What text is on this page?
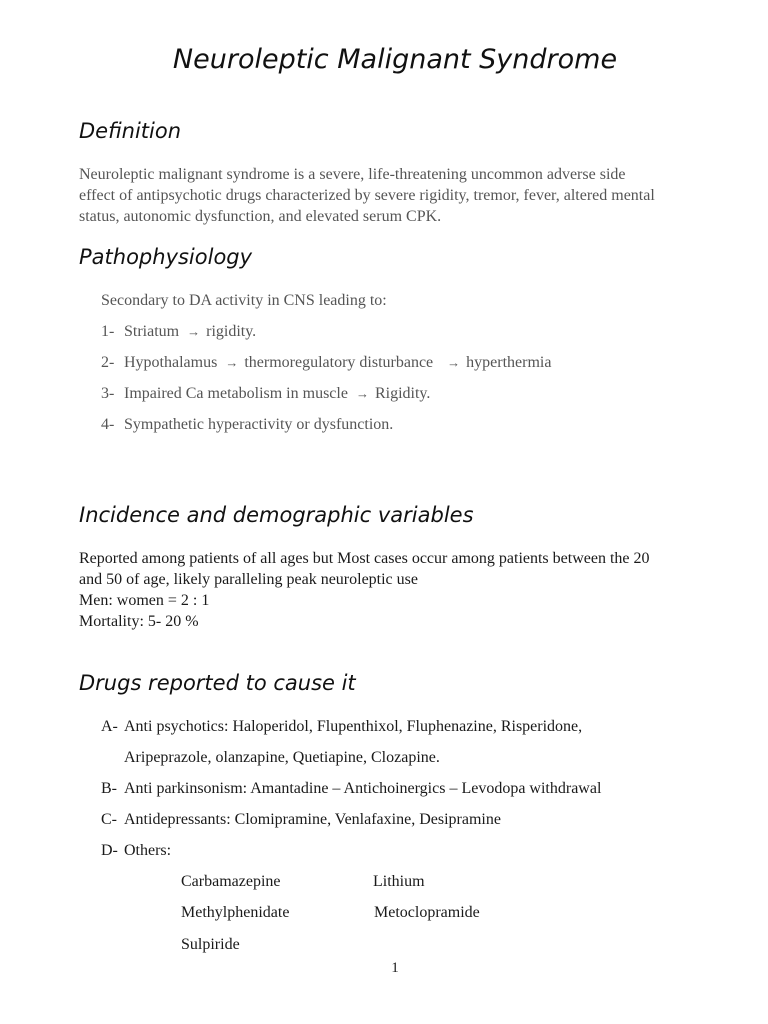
Neuroleptic Malignant Syndrome
Definition
Neuroleptic malignant syndrome is a severe, life-threatening uncommon adverse side
effect of antipsychotic drugs characterized by severe rigidity, tremor, fever, altered mental
status, autonomic dysfunction, and elevated serum CPK.
Pathophysiology
Secondary to DA activity in CNS leading to:
1- Striatum → rigidity.
2- Hypothalamus → thermoregulatory disturbance → hyperthermia
3- Impaired Ca metabolism in muscle → Rigidity.
4- Sympathetic hyperactivity or dysfunction.
Incidence and demographic variables
Reported among patients of all ages but Most cases occur among patients between the 20
and 50 of age, likely paralleling peak neuroleptic use
Men: women = 2 : 1
Mortality: 5- 20 %
Drugs reported to cause it
A- Anti psychotics: Haloperidol, Flupenthixol, Fluphenazine, Risperidone,
Aripeprazole, olanzapine, Quetiapine, Clozapine.
B- Anti parkinsonism: Amantadine – Antichoinergics – Levodopa withdrawal
C- Antidepressants: Clomipramine, Venlafaxine, Desipramine
D- Others:
Carbamazepine	Lithium
Methylphenidate	Metoclopramide
Sulpiride
1
